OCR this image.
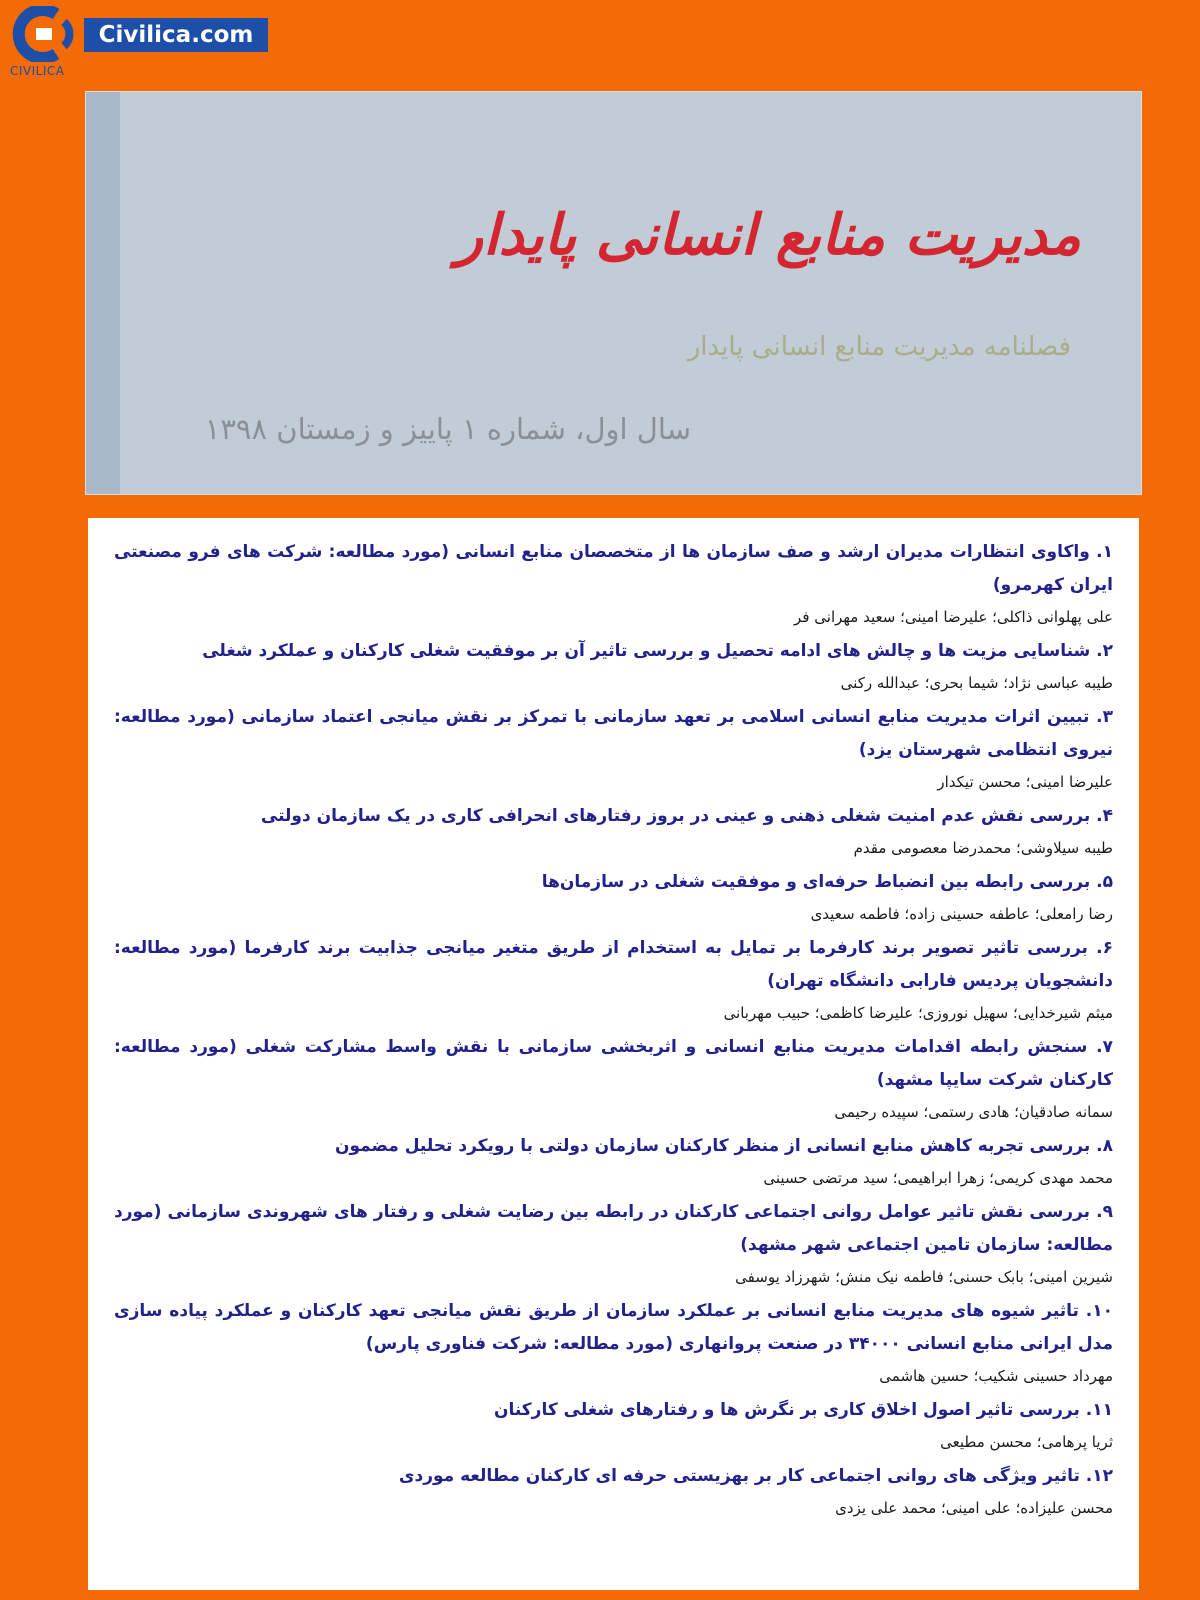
CIVILICA
Civilica.com
مدیریت منابع انسانی پایدار
فصلنامه مدیریت منابع انسانی پایدار
سال اول، شماره ۱ پاییز و زمستان ۱۳۹۸
۱. واکاوی انتظارات مدیران ارشد و صف سازمان ها از متخصصان منابع انسانی (مورد مطالعه: شرکت های فرو مصنعتی ایران کهرمرو)
علی پهلوانی ذاکلی؛ علیرضا امینی؛ سعید مهرانی فر
۲. شناسایی مزیت ها و چالش های ادامه تحصیل و بررسی تاثیر آن بر موفقیت شغلی کارکنان و عملکرد شغلی
طیبه عباسی نژاد؛ شیما بحری؛ عبدالله رکنی
۳. تبیین اثرات مدیریت منابع انسانی اسلامی بر تعهد سازمانی با تمرکز بر نقش میانجی اعتماد سازمانی (مورد مطالعه: نیروی انتظامی شهرستان یزد)
علیرضا امینی؛ محسن تیکدار
۴. بررسی نقش عدم امنیت شغلی ذهنی و عینی در بروز رفتارهای انحرافی کاری در یک سازمان دولتی
طیبه سیلاوشی؛ محمدرضا معصومی مقدم
۵. بررسی رابطه بین انضباط حرفه‌ای و موفقیت شغلی در سازمان‌ها
رضا رامعلی؛ عاطفه حسینی زاده؛ فاطمه سعیدی
۶. بررسی تاثیر تصویر برند کارفرما بر تمایل به استخدام از طریق متغیر میانجی جذابیت برند کارفرما (مورد مطالعه: دانشجویان پردیس فارابی دانشگاه تهران)
میثم شیرخدایی؛ سهیل نوروزی؛ علیرضا کاظمی؛ حبیب مهربانی
۷. سنجش رابطه اقدامات مدیریت منابع انسانی و اثربخشی سازمانی با نقش واسط مشارکت شغلی (مورد مطالعه: کارکنان شرکت سایپا مشهد)
سمانه صادقیان؛ هادی رستمی؛ سپیده رحیمی
۸. بررسی تجربه کاهش منابع انسانی از منظر کارکنان سازمان دولتی با رویکرد تحلیل مضمون
محمد مهدی کریمی؛ زهرا ابراهیمی؛ سید مرتضی حسینی
۹. بررسی نقش تاثیر عوامل روانی اجتماعی کارکنان در رابطه بین رضایت شغلی و رفتار های شهروندی سازمانی (مورد مطالعه: سازمان تامین اجتماعی شهر مشهد)
شیرین امینی؛ بابک حسنی؛ فاطمه نیک منش؛ شهرزاد یوسفی
۱۰. تاثیر شیوه های مدیریت منابع انسانی بر عملکرد سازمان از طریق نقش میانجی تعهد کارکنان و عملکرد پیاده سازی مدل ایرانی منابع انسانی ۳۴۰۰۰ در صنعت پروانهاری (مورد مطالعه: شرکت فناوری پارس)
مهرداد حسینی شکیب؛ حسین هاشمی
۱۱. بررسی تاثیر اصول اخلاق کاری بر نگرش ها و رفتارهای شغلی کارکنان
ثریا پرهامی؛ محسن مطیعی
۱۲. تاثیر ویژگی های روانی اجتماعی کار بر بهزیستی حرفه ای کارکنان مطالعه موردی
محسن علیزاده؛ علی امینی؛ محمد علی یزدی
